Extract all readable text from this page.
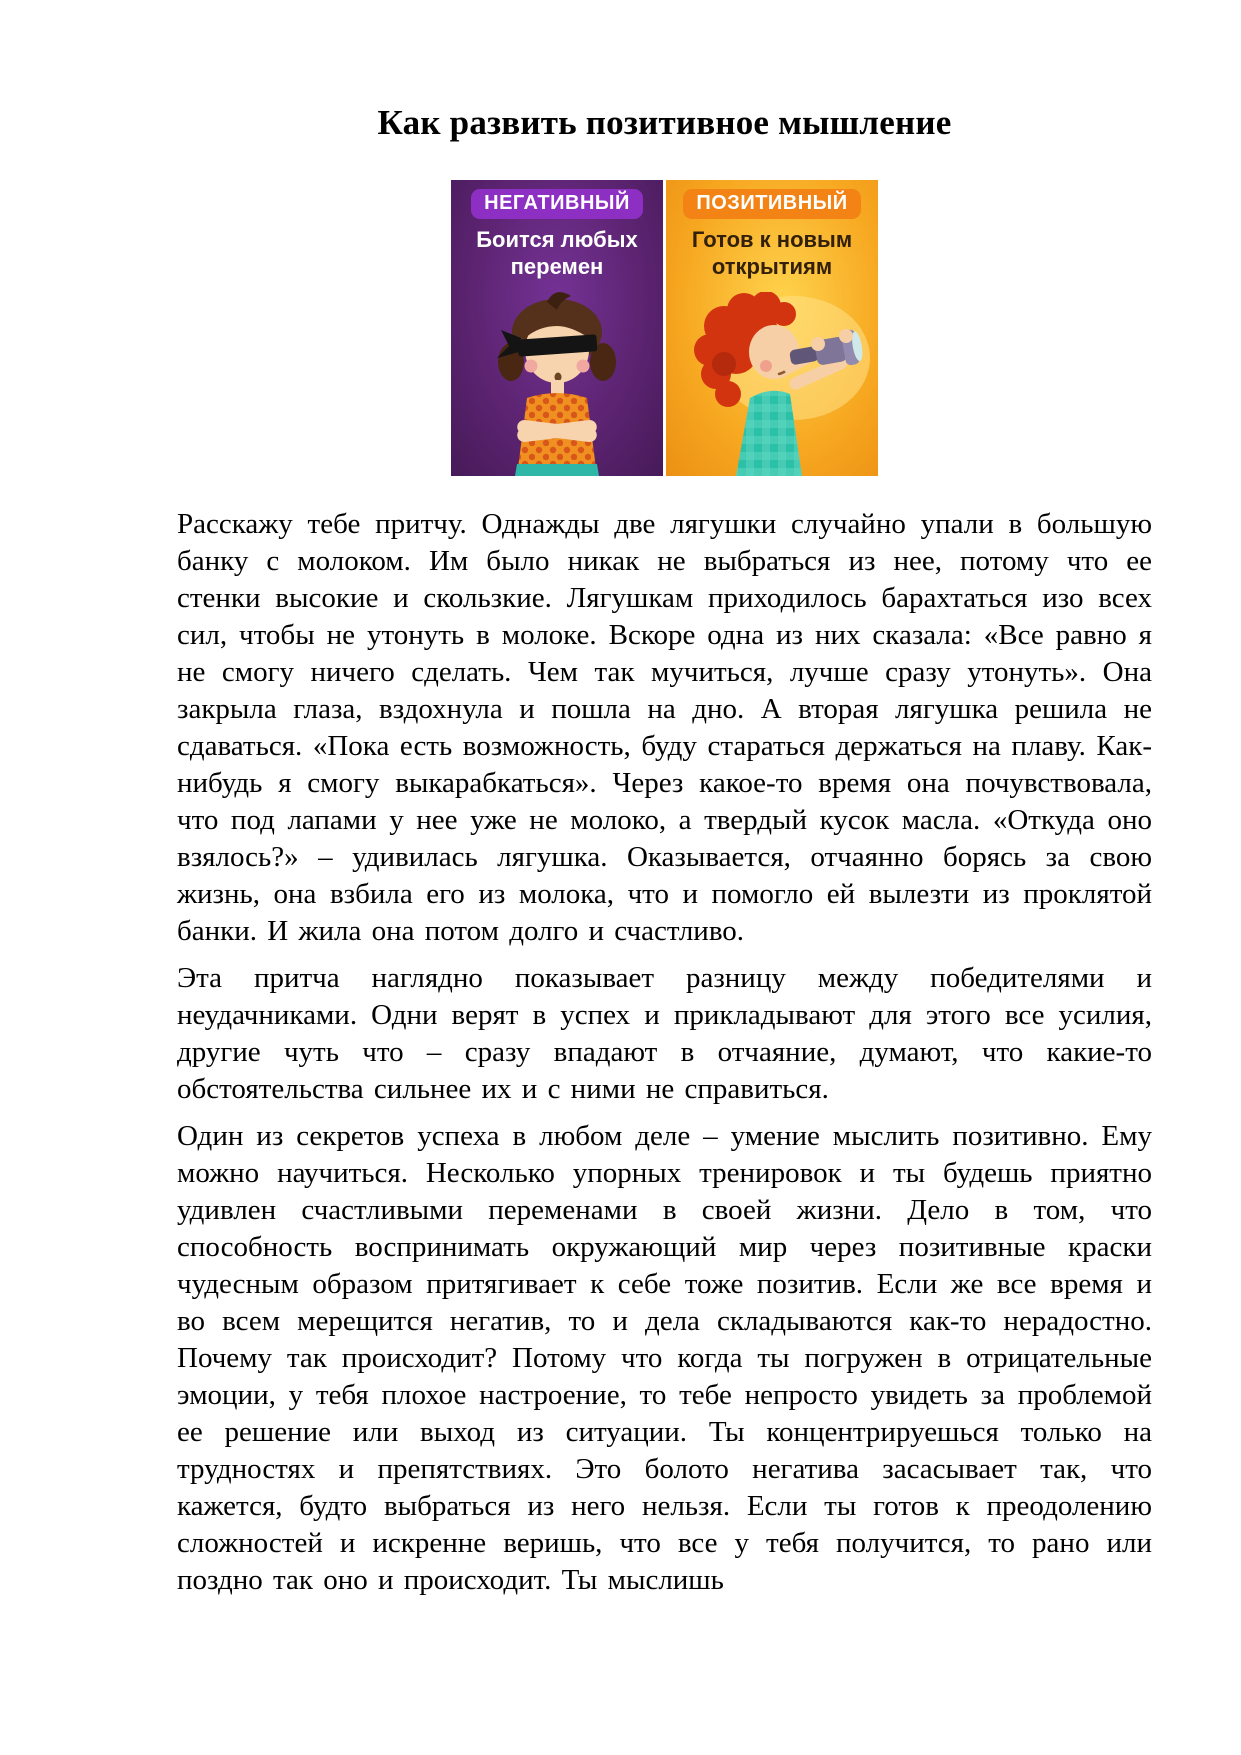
Как развить позитивное мышление
НЕГАТИВНЫЙ
Боится любых перемен
ПОЗИТИВНЫЙ
Готов к новым открытиям

Расскажу тебе притчу. Однажды две лягушки случайно упали в большую банку с молоком. Им было никак не выбраться из нее, потому что ее стенки высокие и скользкие. Лягушкам приходилось барахтаться изо всех сил, чтобы не утонуть в молоке. Вскоре одна из них сказала: «Все равно я не смогу ничего сделать. Чем так мучиться, лучше сразу утонуть». Она закрыла глаза, вздохнула и пошла на дно. А вторая лягушка решила не сдаваться. «Пока есть возможность, буду стараться держаться на плаву. Как-нибудь я смогу выкарабкаться». Через какое-то время она почувствовала, что под лапами у нее уже не молоко, а твердый кусок масла. «Откуда оно взялось?» – удивилась лягушка. Оказывается, отчаянно борясь за свою жизнь, она взбила его из молока, что и помогло ей вылезти из проклятой банки. И жила она потом долго и счастливо.

Эта притча наглядно показывает разницу между победителями и неудачниками. Одни верят в успех и прикладывают для этого все усилия, другие чуть что – сразу впадают в отчаяние, думают, что какие-то обстоятельства сильнее их и с ними не справиться.

Один из секретов успеха в любом деле – умение мыслить позитивно. Ему можно научиться. Несколько упорных тренировок и ты будешь приятно удивлен счастливыми переменами в своей жизни. Дело в том, что способность воспринимать окружающий мир через позитивные краски чудесным образом притягивает к себе тоже позитив. Если же все время и во всем мерещится негатив, то и дела складываются как-то нерадостно. Почему так происходит? Потому что когда ты погружен в отрицательные эмоции, у тебя плохое настроение, то тебе непросто увидеть за проблемой ее решение или выход из ситуации. Ты концентрируешься только на трудностях и препятствиях. Это болото негатива засасывает так, что кажется, будто выбраться из него нельзя. Если ты готов к преодолению сложностей и искренне веришь, что все у тебя получится, то рано или поздно так оно и происходит. Ты мыслишь
